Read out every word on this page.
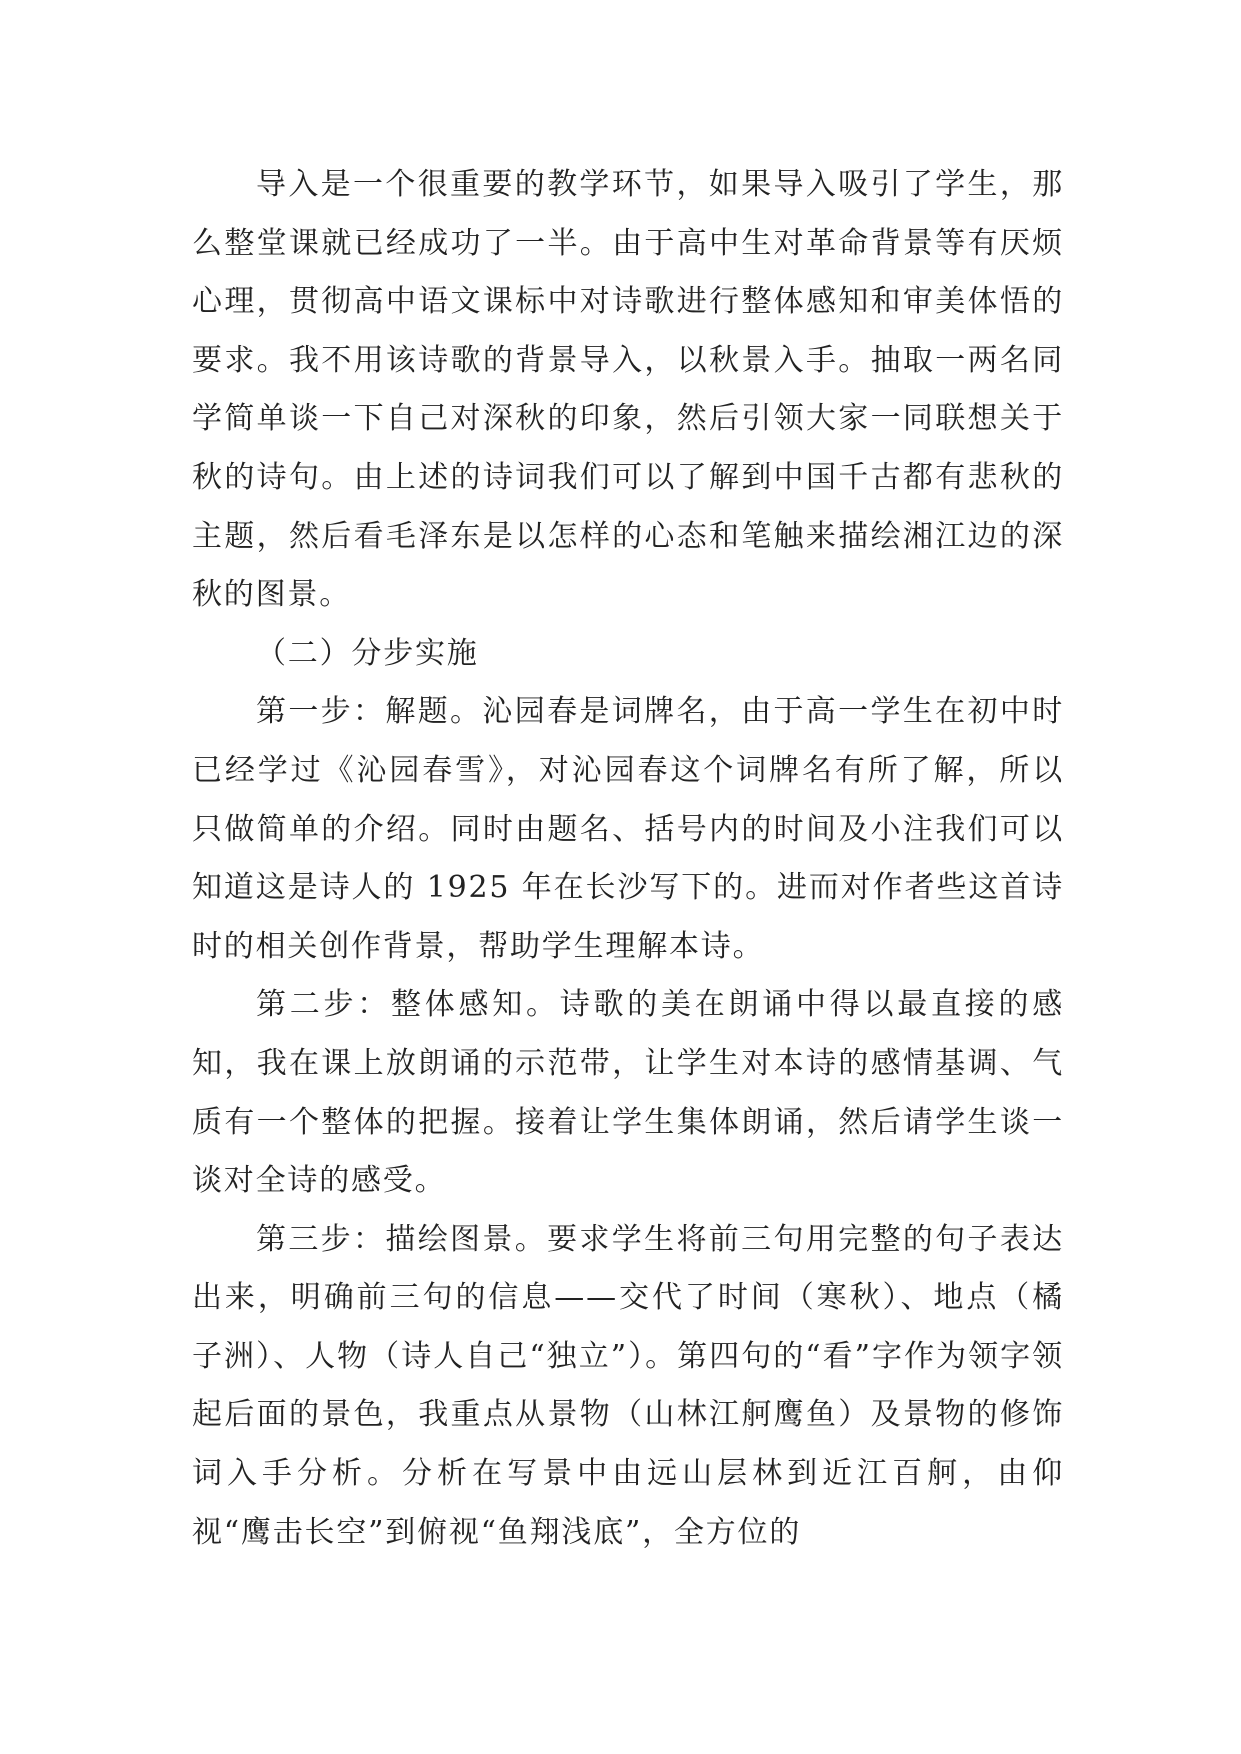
导入是一个很重要的教学环节，如果导入吸引了学生，那么整堂课就已经成功了一半。由于高中生对革命背景等有厌烦心理，贯彻高中语文课标中对诗歌进行整体感知和审美体悟的要求。我不用该诗歌的背景导入，以秋景入手。抽取一两名同学简单谈一下自己对深秋的印象，然后引领大家一同联想关于秋的诗句。由上述的诗词我们可以了解到中国千古都有悲秋的主题，然后看毛泽东是以怎样的心态和笔触来描绘湘江边的深秋的图景。

（二）分步实施

第一步：解题。沁园春是词牌名，由于高一学生在初中时已经学过《沁园春雪》，对沁园春这个词牌名有所了解，所以只做简单的介绍。同时由题名、括号内的时间及小注我们可以知道这是诗人的 1925 年在长沙写下的。进而对作者些这首诗时的相关创作背景，帮助学生理解本诗。

第二步：整体感知。诗歌的美在朗诵中得以最直接的感知，我在课上放朗诵的示范带，让学生对本诗的感情基调、气质有一个整体的把握。接着让学生集体朗诵，然后请学生谈一谈对全诗的感受。

第三步：描绘图景。要求学生将前三句用完整的句子表达出来，明确前三句的信息——交代了时间（寒秋）、地点（橘子洲）、人物（诗人自己“独立”）。第四句的“看”字作为领字领起后面的景色，我重点从景物（山林江舸鹰鱼）及景物的修饰词入手分析。分析在写景中由远山层林到近江百舸，由仰视“鹰击长空”到俯视“鱼翔浅底”，全方位的
